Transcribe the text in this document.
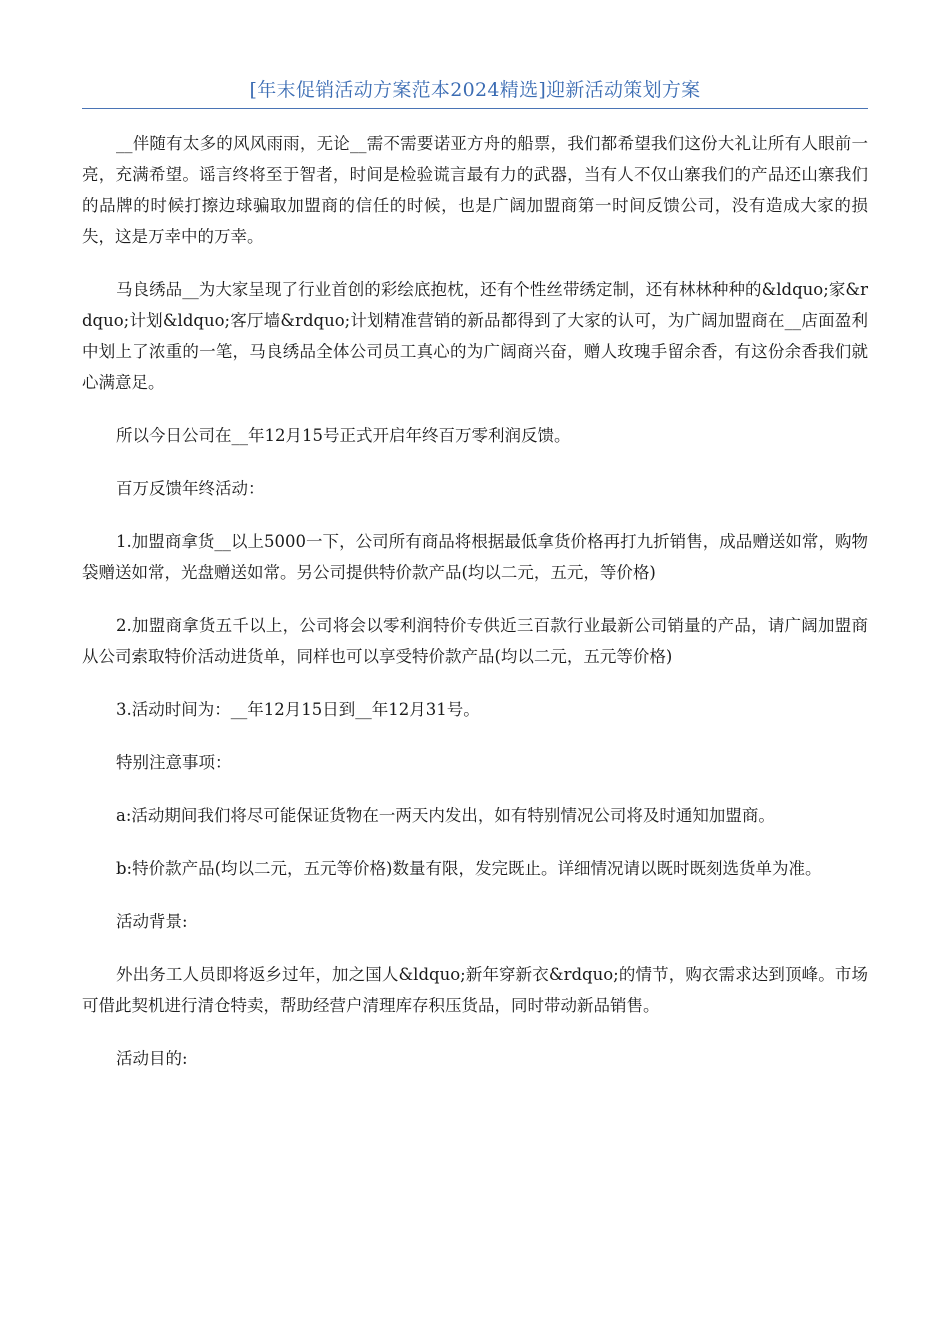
[年末促销活动方案范本2024精选]迎新活动策划方案

__伴随有太多的风风雨雨，无论__需不需要诺亚方舟的船票，我们都希望我们这份大礼让所有人眼前一亮，充满希望。谣言终将至于智者，时间是检验谎言最有力的武器，当有人不仅山寨我们的产品还山寨我们的品牌的时候打擦边球骗取加盟商的信任的时候，也是广阔加盟商第一时间反馈公司，没有造成大家的损失，这是万幸中的万幸。

马良绣品__为大家呈现了行业首创的彩绘底抱枕，还有个性丝带绣定制，还有林林种种的&ldquo;家&rdquo;计划&ldquo;客厅墙&rdquo;计划精准营销的新品都得到了大家的认可，为广阔加盟商在__店面盈利中划上了浓重的一笔，马良绣品全体公司员工真心的为广阔商兴奋，赠人玫瑰手留余香，有这份余香我们就心满意足。

所以今日公司在__年12月15号正式开启年终百万零利润反馈。

百万反馈年终活动：

1.加盟商拿货__以上5000一下，公司所有商品将根据最低拿货价格再打九折销售，成品赠送如常，购物袋赠送如常，光盘赠送如常。另公司提供特价款产品(均以二元，五元，等价格)

2.加盟商拿货五千以上，公司将会以零利润特价专供近三百款行业最新公司销量的产品，请广阔加盟商从公司索取特价活动进货单，同样也可以享受特价款产品(均以二元，五元等价格)

3.活动时间为：__年12月15日到__年12月31号。

特别注意事项：

a:活动期间我们将尽可能保证货物在一两天内发出，如有特别情况公司将及时通知加盟商。

b:特价款产品(均以二元，五元等价格)数量有限，发完既止。详细情况请以既时既刻选货单为准。

活动背景:

外出务工人员即将返乡过年，加之国人&ldquo;新年穿新衣&rdquo;的情节，购衣需求达到顶峰。市场可借此契机进行清仓特卖，帮助经营户清理库存积压货品，同时带动新品销售。

活动目的:
